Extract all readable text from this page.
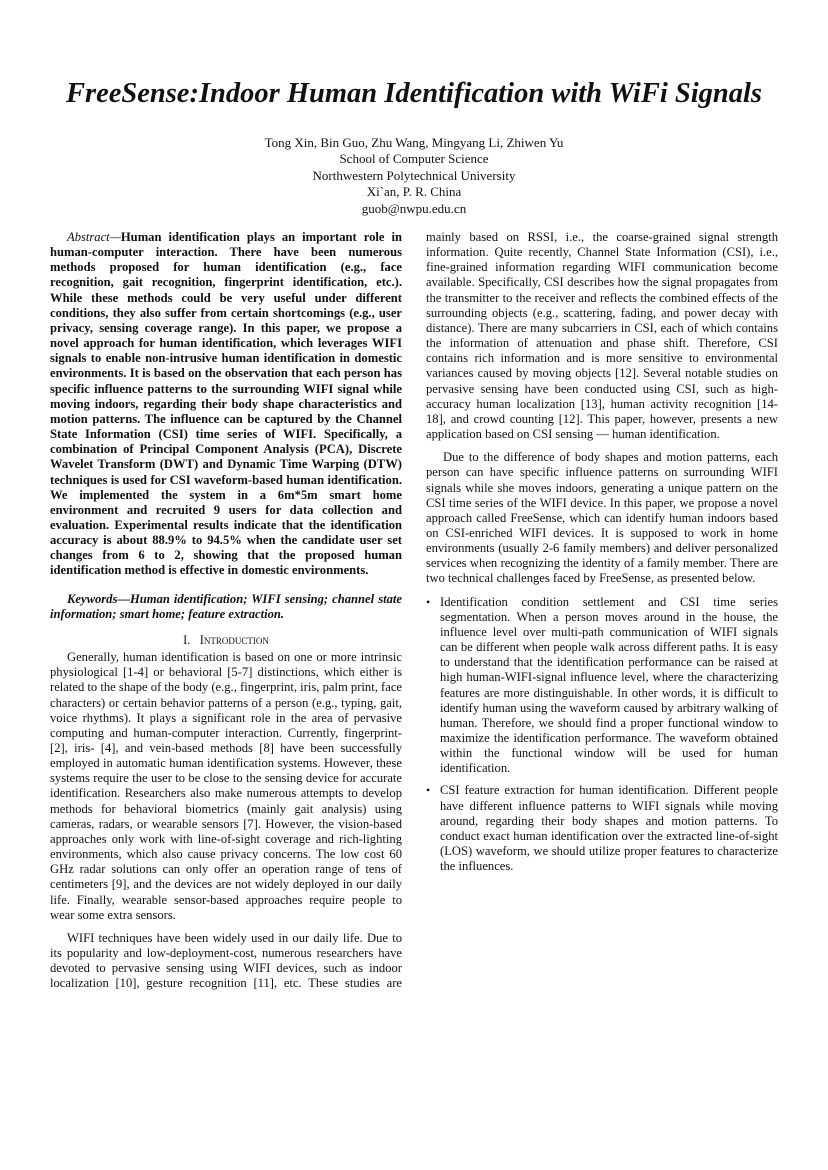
FreeSense:Indoor Human Identification with WiFi Signals
Tong Xin, Bin Guo, Zhu Wang, Mingyang Li, Zhiwen Yu
School of Computer Science
Northwestern Polytechnical University
Xi`an, P. R. China
guob@nwpu.edu.cn

Abstract—Human identification plays an important role in human-computer interaction. There have been numerous methods proposed for human identification (e.g., face recognition, gait recognition, fingerprint identification, etc.). While these methods could be very useful under different conditions, they also suffer from certain shortcomings (e.g., user privacy, sensing coverage range). In this paper, we propose a novel approach for human identification, which leverages WIFI signals to enable non-intrusive human identification in domestic environments. It is based on the observation that each person has specific influence patterns to the surrounding WIFI signal while moving indoors, regarding their body shape characteristics and motion patterns. The influence can be captured by the Channel State Information (CSI) time series of WIFI. Specifically, a combination of Principal Component Analysis (PCA), Discrete Wavelet Transform (DWT) and Dynamic Time Warping (DTW) techniques is used for CSI waveform-based human identification. We implemented the system in a 6m*5m smart home environment and recruited 9 users for data collection and evaluation. Experimental results indicate that the identification accuracy is about 88.9% to 94.5% when the candidate user set changes from 6 to 2, showing that the proposed human identification method is effective in domestic environments.

Keywords—Human identification; WIFI sensing; channel state information; smart home; feature extraction.

I. Introduction

Generally, human identification is based on one or more intrinsic physiological [1-4] or behavioral [5-7] distinctions, which either is related to the shape of the body (e.g., fingerprint, iris, palm print, face characters) or certain behavior patterns of a person (e.g., typing, gait, voice rhythms). It plays a significant role in the area of pervasive computing and human-computer interaction. Currently, fingerprint- [2], iris- [4], and vein-based methods [8] have been successfully employed in automatic human identification systems. However, these systems require the user to be close to the sensing device for accurate identification. Researchers also make numerous attempts to develop methods for behavioral biometrics (mainly gait analysis) using cameras, radars, or wearable sensors [7]. However, the vision-based approaches only work with line-of-sight coverage and rich-lighting environments, which also cause privacy concerns. The low cost 60 GHz radar solutions can only offer an operation range of tens of centimeters [9], and the devices are not widely deployed in our daily life. Finally, wearable sensor-based approaches require people to wear some extra sensors.

WIFI techniques have been widely used in our daily life. Due to its popularity and low-deployment-cost, numerous researchers have devoted to pervasive sensing using WIFI devices, such as indoor localization [10], gesture recognition [11], etc. These studies are

mainly based on RSSI, i.e., the coarse-grained signal strength information. Quite recently, Channel State Information (CSI), i.e., fine-grained information regarding WIFI communication become available. Specifically, CSI describes how the signal propagates from the transmitter to the receiver and reflects the combined effects of the surrounding objects (e.g., scattering, fading, and power decay with distance). There are many subcarriers in CSI, each of which contains the information of attenuation and phase shift. Therefore, CSI contains rich information and is more sensitive to environmental variances caused by moving objects [12]. Several notable studies on pervasive sensing have been conducted using CSI, such as high-accuracy human localization [13], human activity recognition [14-18], and crowd counting [12]. This paper, however, presents a new application based on CSI sensing — human identification.

Due to the difference of body shapes and motion patterns, each person can have specific influence patterns on surrounding WIFI signals while she moves indoors, generating a unique pattern on the CSI time series of the WIFI device. In this paper, we propose a novel approach called FreeSense, which can identify human indoors based on CSI-enriched WIFI devices. It is supposed to work in home environments (usually 2-6 family members) and deliver personalized services when recognizing the identity of a family member. There are two technical challenges faced by FreeSense, as presented below.

• Identification condition settlement and CSI time series segmentation. When a person moves around in the house, the influence level over multi-path communication of WIFI signals can be different when people walk across different paths. It is easy to understand that the identification performance can be raised at high human-WIFI-signal influence level, where the characterizing features are more distinguishable. In other words, it is difficult to identify human using the waveform caused by arbitrary walking of human. Therefore, we should find a proper functional window to maximize the identification performance. The waveform obtained within the functional window will be used for human identification.
• CSI feature extraction for human identification. Different people have different influence patterns to WIFI signals while moving around, regarding their body shapes and motion patterns. To conduct exact human identification over the extracted line-of-sight (LOS) waveform, we should utilize proper features to characterize the influences.
